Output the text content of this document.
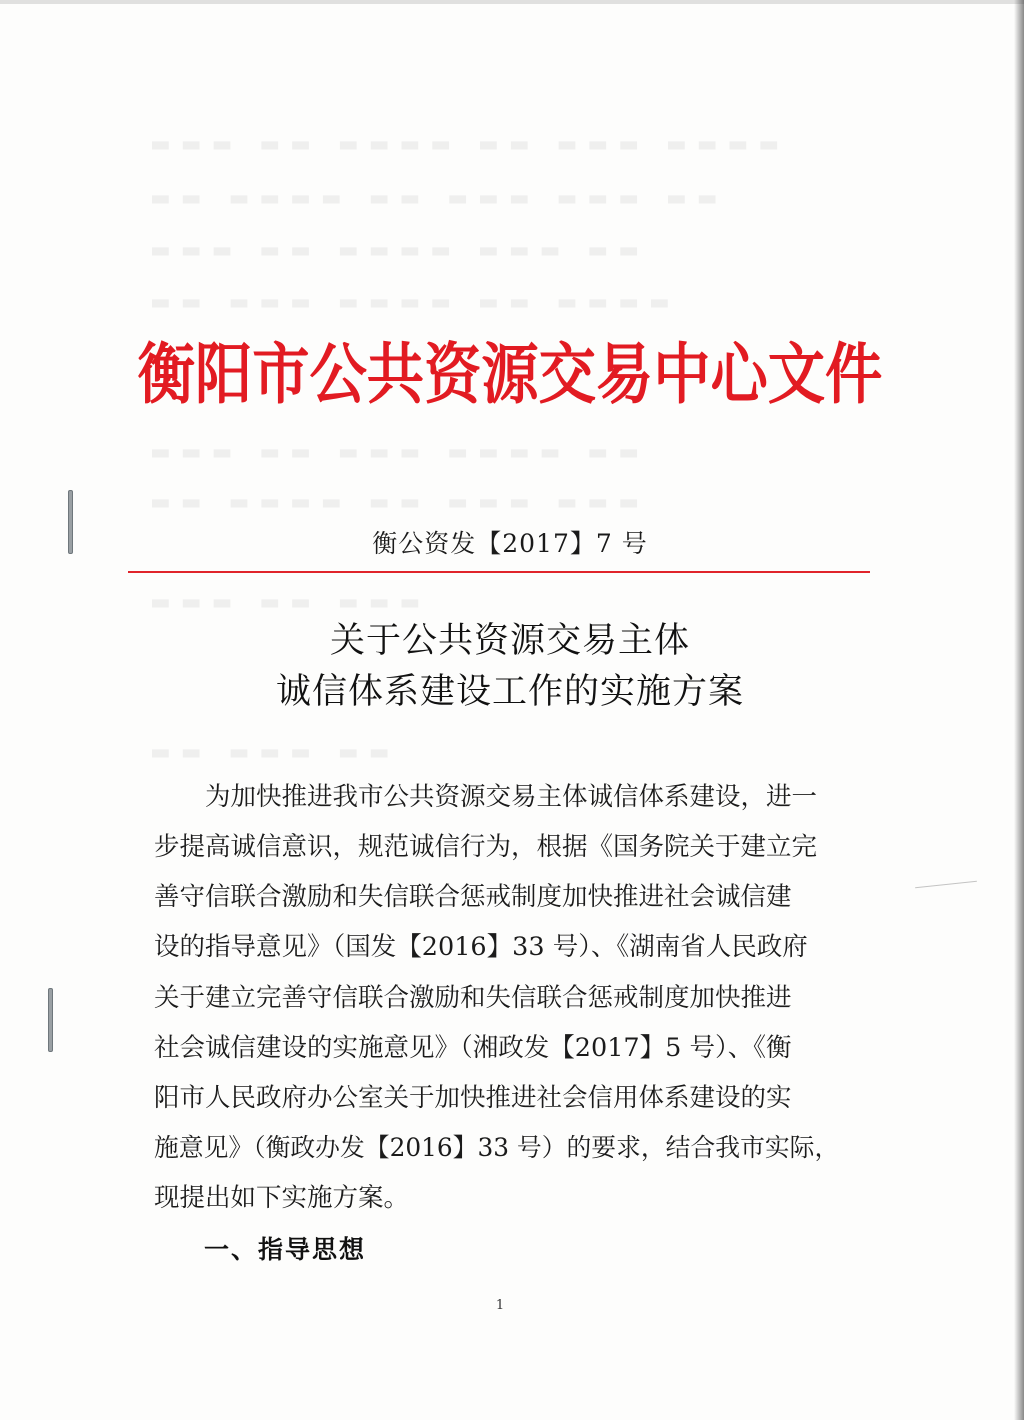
▬▬▬ ▬▬ ▬▬▬▬ ▬▬ ▬▬▬ ▬▬▬▬
▬▬ ▬▬▬▬ ▬▬ ▬▬▬ ▬▬▬ ▬▬
▬▬▬ ▬▬ ▬▬▬▬ ▬▬▬ ▬▬
▬▬ ▬▬▬ ▬▬▬▬ ▬▬ ▬▬▬▬
▬▬▬ ▬▬ ▬▬▬ ▬▬▬▬ ▬▬
▬▬ ▬▬▬▬ ▬▬ ▬▬▬ ▬▬▬
▬▬▬ ▬▬ ▬▬▬
▬▬ ▬▬▬ ▬▬
衡阳市公共资源交易中心文件
衡公资发【2017】7 号
关于公共资源交易主体
诚信体系建设工作的实施方案
　　为加快推进我市公共资源交易主体诚信体系建设，进一
步提高诚信意识，规范诚信行为，根据《国务院关于建立完
善守信联合激励和失信联合惩戒制度加快推进社会诚信建
设的指导意见》（国发【2016】33 号）、《湖南省人民政府
关于建立完善守信联合激励和失信联合惩戒制度加快推进
社会诚信建设的实施意见》（湘政发【2017】5 号）、《衡
阳市人民政府办公室关于加快推进社会信用体系建设的实
施意见》（衡政办发【2016】33 号）的要求，结合我市实际，
现提出如下实施方案。
一、指导思想
1
